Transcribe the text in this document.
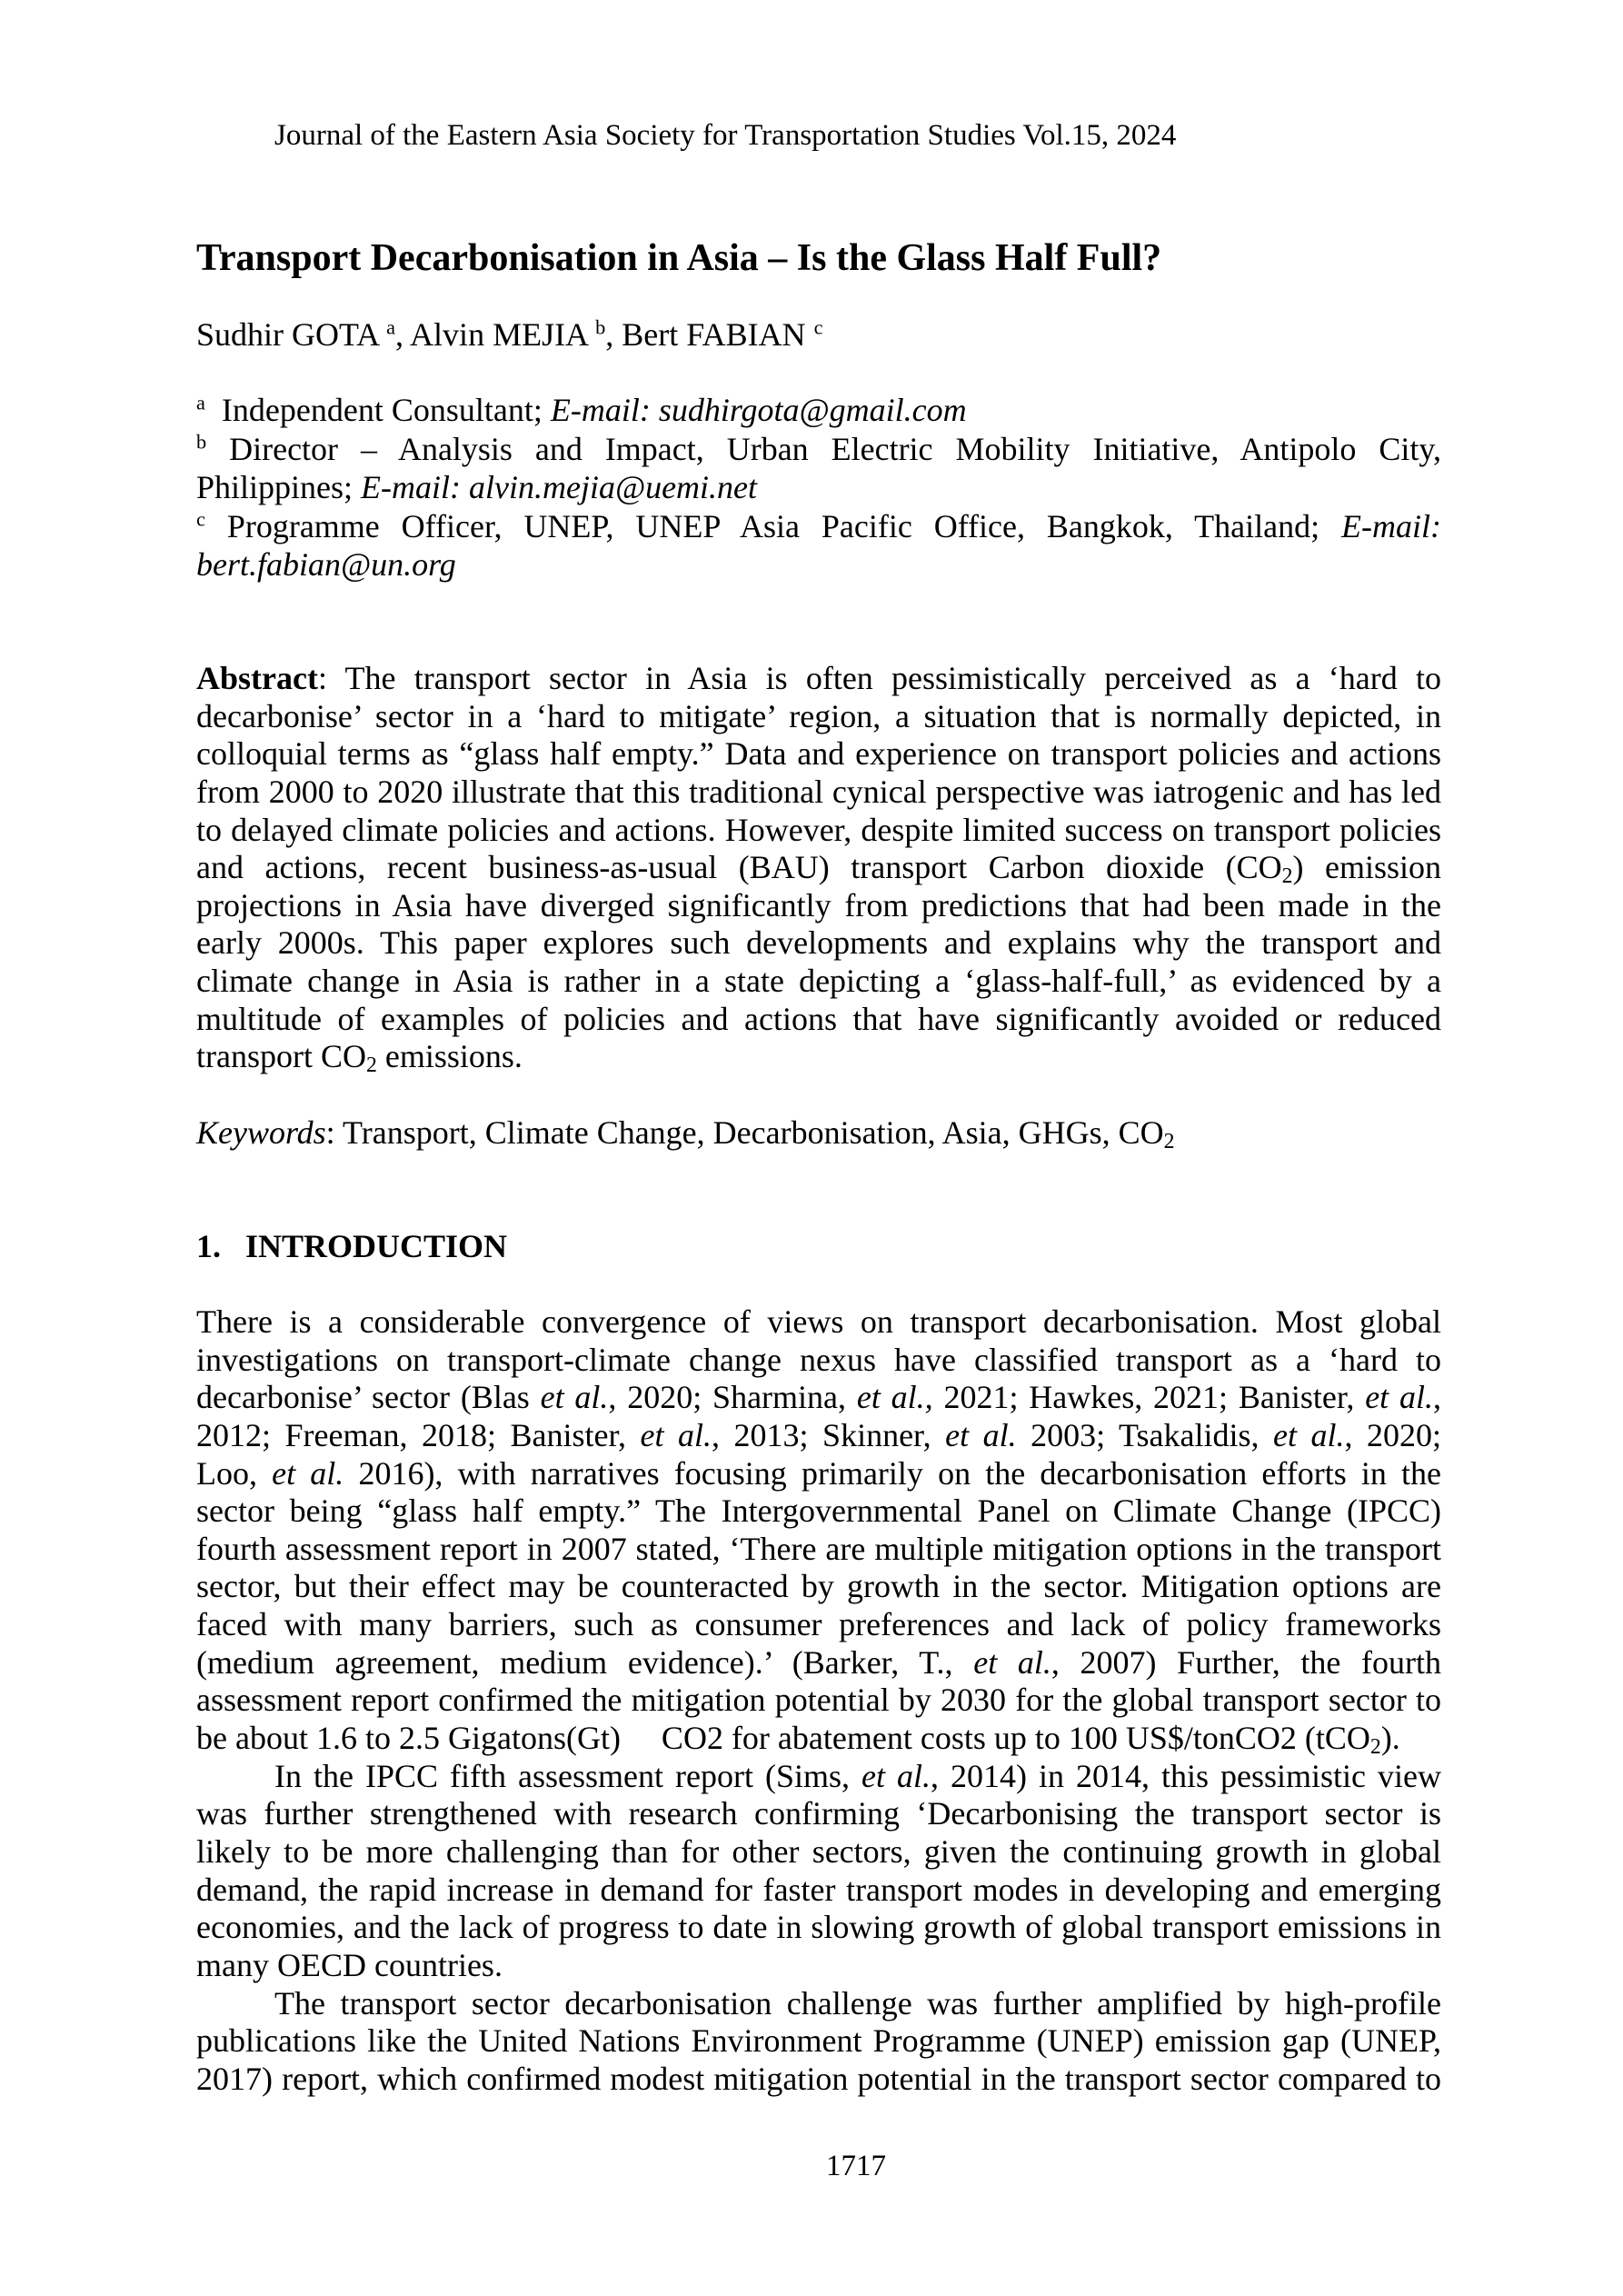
Journal of the Eastern Asia Society for Transportation Studies Vol.15, 2024
Transport Decarbonisation in Asia – Is the Glass Half Full?
Sudhir GOTA $^a$, Alvin MEJIA $^b$, Bert FABIAN $^c$
$^a$  Independent Consultant; E-mail: sudhirgota@gmail.com
$^b$ Director – Analysis and Impact, Urban Electric Mobility Initiative, Antipolo City,
Philippines; E-mail: alvin.mejia@uemi.net
$^c$ Programme Officer, UNEP, UNEP Asia Pacific Office, Bangkok, Thailand; E-mail:
bert.fabian@un.org
Abstract: The transport sector in Asia is often pessimistically perceived as a ‘hard to
decarbonise’ sector in a ‘hard to mitigate’ region, a situation that is normally depicted, in
colloquial terms as “glass half empty.” Data and experience on transport policies and actions
from 2000 to 2020 illustrate that this traditional cynical perspective was iatrogenic and has led
to delayed climate policies and actions. However, despite limited success on transport policies
and actions, recent business-as-usual (BAU) transport Carbon dioxide $(CO_2)$ emission
projections in Asia have diverged significantly from predictions that had been made in the
early 2000s. This paper explores such developments and explains why the transport and
climate change in Asia is rather in a state depicting a ‘glass-half-full,’ as evidenced by a
multitude of examples of policies and actions that have significantly avoided or reduced
transport $CO_2$ emissions.
Keywords: Transport, Climate Change, Decarbonisation, Asia, GHGs, $CO_2$
1. INTRODUCTION
There is a considerable convergence of views on transport decarbonisation. Most global
investigations on transport-climate change nexus have classified transport as a ‘hard to
decarbonise’ sector (Blas et al., 2020; Sharmina, et al., 2021; Hawkes, 2021; Banister, et al.,
2012; Freeman, 2018; Banister, et al., 2013; Skinner, et al. 2003; Tsakalidis, et al., 2020;
Loo, et al. 2016), with narratives focusing primarily on the decarbonisation efforts in the
sector being “glass half empty.” The Intergovernmental Panel on Climate Change (IPCC)
fourth assessment report in 2007 stated, ‘There are multiple mitigation options in the transport
sector, but their effect may be counteracted by growth in the sector. Mitigation options are
faced with many barriers, such as consumer preferences and lack of policy frameworks
(medium agreement, medium evidence).’ (Barker, T., et al., 2007) Further, the fourth
assessment report confirmed the mitigation potential by 2030 for the global transport sector to
be about 1.6 to 2.5 Gigatons(Gt)     CO2 for abatement costs up to 100 US$/tonCO2 (tCO$_2$).
In the IPCC fifth assessment report (Sims, et al., 2014) in 2014, this pessimistic view
was further strengthened with research confirming ‘Decarbonising the transport sector is
likely to be more challenging than for other sectors, given the continuing growth in global
demand, the rapid increase in demand for faster transport modes in developing and emerging
economies, and the lack of progress to date in slowing growth of global transport emissions in
many OECD countries.
The transport sector decarbonisation challenge was further amplified by high-profile
publications like the United Nations Environment Programme (UNEP) emission gap (UNEP,
2017) report, which confirmed modest mitigation potential in the transport sector compared to
1717
